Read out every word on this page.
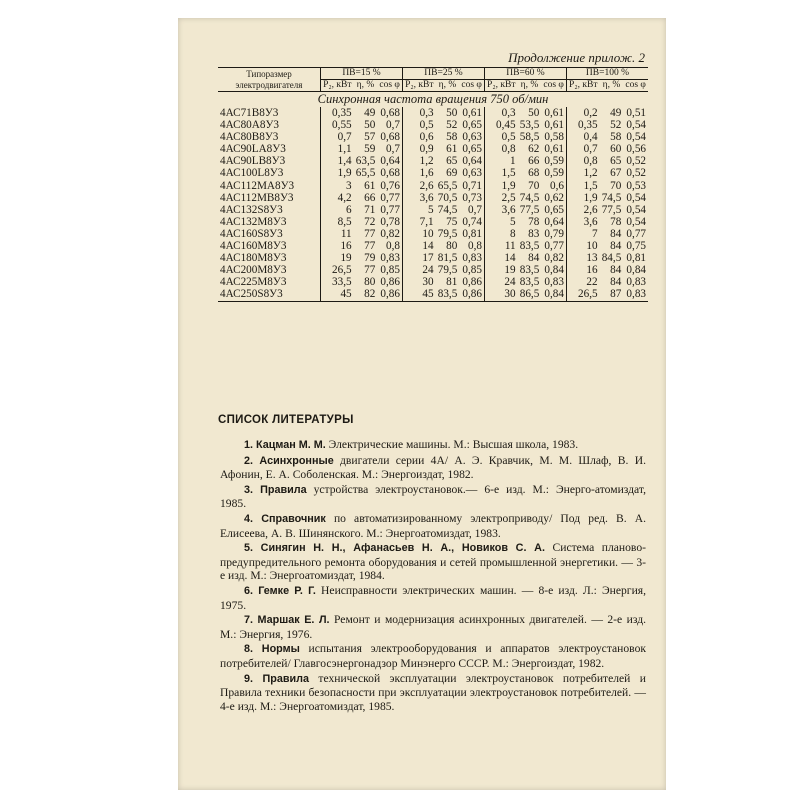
Продолжение прилож. 2
Типоразмер электродвигателя	ПВ=15 %			ПВ=25 %			ПВ=60 %			ПВ=100 %		
	P₂, кВт	η, %	cos φ	P₂, кВт	η, %	cos φ	P₂, кВт	η, %	cos φ	P₂, кВт	η, %	cos φ
Синхронная частота вращения 750 об/мин												
4АС71В8У3	0,35	49	0,68	0,3	50	0,61	0,3	50	0,61	0,2	49	0,51
4АС80А8У3	0,55	50	0,7	0,5	52	0,65	0,45	53,5	0,61	0,35	52	0,54
4АС80В8У3	0,7	57	0,68	0,6	58	0,63	0,5	58,5	0,58	0,4	58	0,54
4АС90LА8У3	1,1	59	0,7	0,9	61	0,65	0,8	62	0,61	0,7	60	0,56
4АС90LВ8У3	1,4	63,5	0,64	1,2	65	0,64	1	66	0,59	0,8	65	0,52
4АС100L8У3	1,9	65,5	0,68	1,6	69	0,63	1,5	68	0,59	1,2	67	0,52
4АС112МА8У3	3	61	0,76	2,6	65,5	0,71	1,9	70	0,6	1,5	70	0,53
4АС112МВ8У3	4,2	66	0,77	3,6	70,5	0,73	2,5	74,5	0,62	1,9	74,5	0,54
4АС132S8У3	6	71	0,77	5	74,5	0,7	3,6	77,5	0,65	2,6	77,5	0,54
4АС132М8У3	8,5	72	0,78	7,1	75	0,74	5	78	0,64	3,6	78	0,54
4АС160S8У3	11	77	0,82	10	79,5	0,81	8	83	0,79	7	84	0,77
4АС160М8У3	16	77	0,8	14	80	0,8	11	83,5	0,77	10	84	0,75
4АС180М8У3	19	79	0,83	17	81,5	0,83	14	84	0,82	13	84,5	0,81
4АС200М8У3	26,5	77	0,85	24	79,5	0,85	19	83,5	0,84	16	84	0,84
4АС225М8У3	33,5	80	0,86	30	81	0,86	24	83,5	0,83	22	84	0,83
4АС250S8У3	45	82	0,86	45	83,5	0,86	30	86,5	0,84	26,5	87	0,83
СПИСОК ЛИТЕРАТУРЫ
1. Кацман М. М. Электрические машины. М.: Высшая школа, 1983.
2. Асинхронные двигатели серии 4А/ А. Э. Кравчик, М. М. Шлаф, В. И. Афонин, Е. А. Соболенская. М.: Энергоиздат, 1982.
3. Правила устройства электроустановок.— 6-е изд. М.: Энерго-атомиздат, 1985.
4. Справочник по автоматизированному электроприводу/ Под ред. В. А. Елисеева, А. В. Шинянского. М.: Энергоатомиздат, 1983.
5. Синягин Н. Н., Афанасьев Н. А., Новиков С. А. Система планово-предупредительного ремонта оборудования и сетей промышленной энергетики. — 3-е изд. М.: Энергоатомиздат, 1984.
6. Гемке Р. Г. Неисправности электрических машин. — 8-е изд. Л.: Энергия, 1975.
7. Маршак Е. Л. Ремонт и модернизация асинхронных двигателей. — 2-е изд. М.: Энергия, 1976.
8. Нормы испытания электрооборудования и аппаратов электроустановок потребителей/ Главгосэнергонадзор Минэнерго СССР. М.: Энергоиздат, 1982.
9. Правила технической эксплуатации электроустановок потребителей и Правила техники безопасности при эксплуатации электроустановок потребителей. — 4-е изд. М.: Энергоатомиздат, 1985.
